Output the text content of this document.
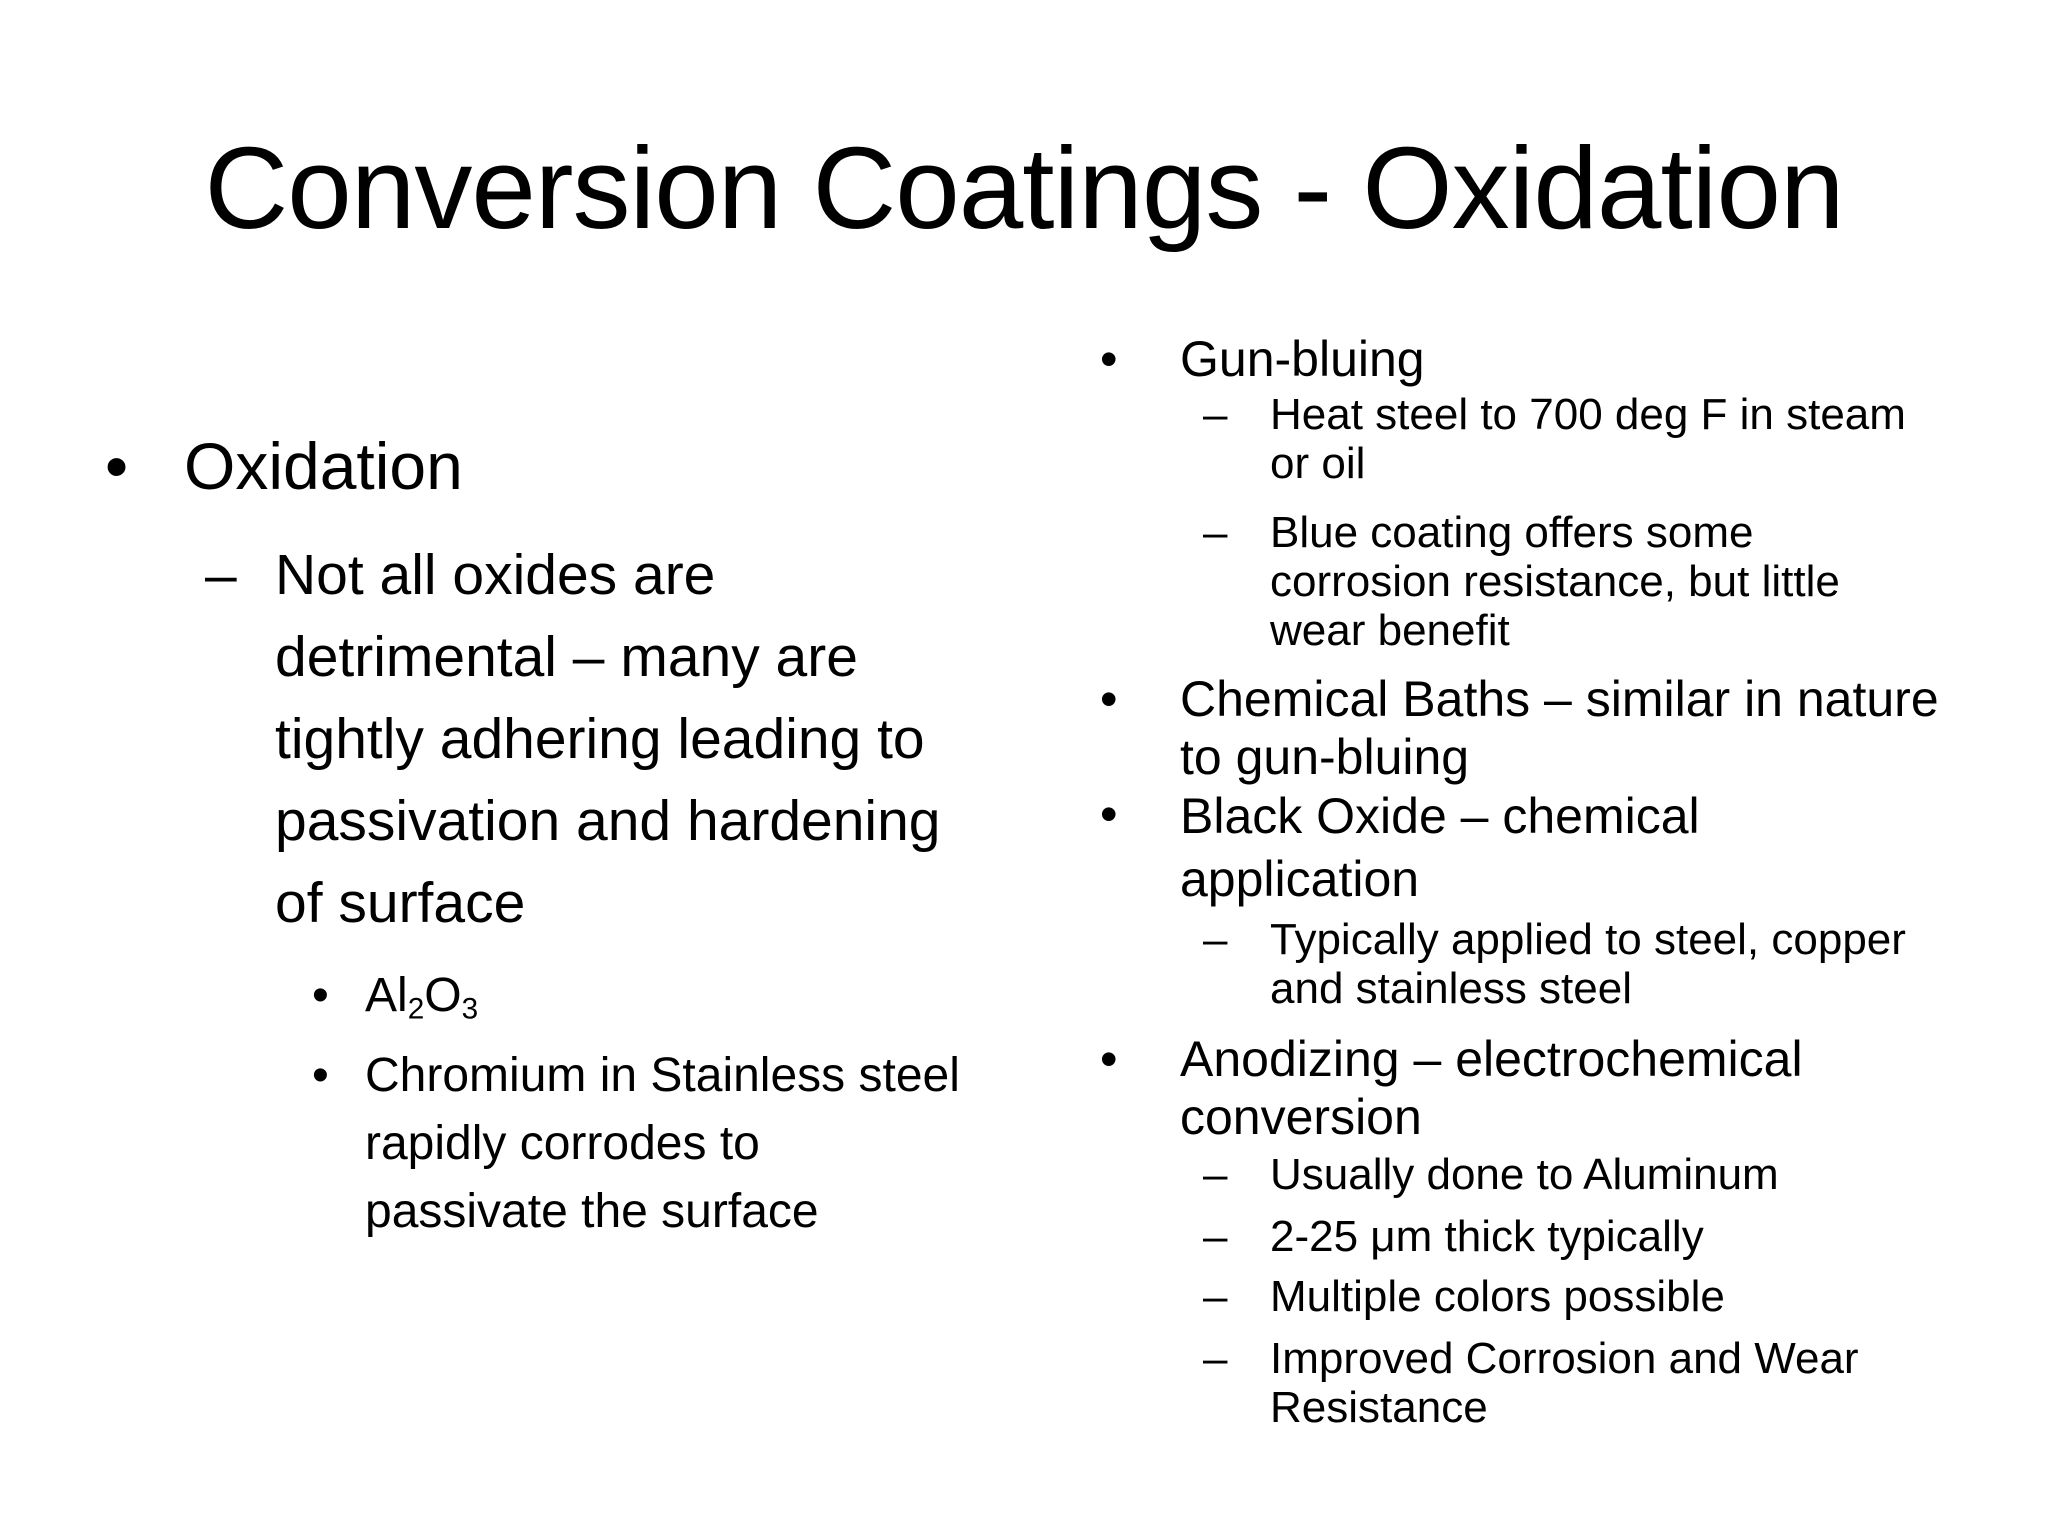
Conversion Coatings - Oxidation
• Oxidation
– Not all oxides are
detrimental – many are
tightly adhering leading to
passivation and hardening
of surface
• $Al_2O_3$
• Chromium in Stainless steel
rapidly corrodes to
passivate the surface
• Gun-bluing
– Heat steel to 700 deg F in steam
or oil
– Blue coating offers some
corrosion resistance, but little
wear benefit
• Chemical Baths – similar in nature
to gun-bluing
• Black Oxide – chemical
application
– Typically applied to steel, copper
and stainless steel
• Anodizing – electrochemical
conversion
– Usually done to Aluminum
– 2-25 μm thick typically
– Multiple colors possible
– Improved Corrosion and Wear
Resistance
